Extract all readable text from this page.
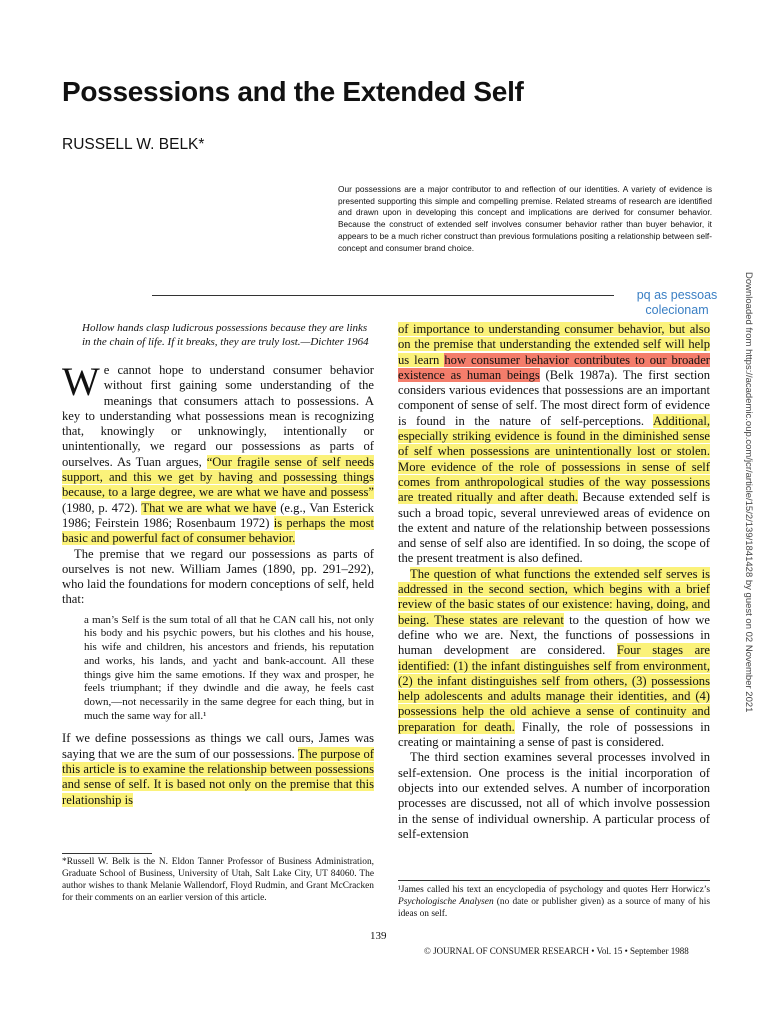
Possessions and the Extended Self

RUSSELL W. BELK*

Our possessions are a major contributor to and reflection of our identities. A variety of evidence is presented supporting this simple and compelling premise. Related streams of research are identified and drawn upon in developing this concept and implications are derived for consumer behavior. Because the construct of extended self involves consumer behavior rather than buyer behavior, it appears to be a much richer construct than previous formulations positing a relationship between self-concept and consumer brand choice.

pq as pessoas colecionam	Downloaded from https://academic.oup.com/jcr/article/15/2/139/1841428 by guest on 02 November 2021

Hollow hands clasp ludicrous possessions because they are links in the chain of life. If it breaks, they are truly lost.—Dichter 1964

We cannot hope to understand consumer behavior without first gaining some understanding of the meanings that consumers attach to possessions. A key to understanding what possessions mean is recognizing that, knowingly or unknowingly, intentionally or unintentionally, we regard our possessions as parts of ourselves. As Tuan argues, “Our fragile sense of self needs support, and this we get by having and possessing things because, to a large degree, we are what we have and possess” (1980, p. 472). That we are what we have (e.g., Van Esterick 1986; Feirstein 1986; Rosenbaum 1972) is perhaps the most basic and powerful fact of consumer behavior.

The premise that we regard our possessions as parts of ourselves is not new. William James (1890, pp. 291–292), who laid the foundations for modern conceptions of self, held that:

a man’s Self is the sum total of all that he CAN call his, not only his body and his psychic powers, but his clothes and his house, his wife and children, his ancestors and friends, his reputation and works, his lands, and yacht and bank-account. All these things give him the same emotions. If they wax and prosper, he feels triumphant; if they dwindle and die away, he feels cast down,—not necessarily in the same degree for each thing, but in much the same way for all.¹

If we define possessions as things we call ours, James was saying that we are the sum of our possessions. The purpose of this article is to examine the relationship between possessions and sense of self. It is based not only on the premise that this relationship is

of importance to understanding consumer behavior, but also on the premise that understanding the extended self will help us learn how consumer behavior contributes to our broader existence as human beings (Belk 1987a). The first section considers various evidences that possessions are an important component of sense of self. The most direct form of evidence is found in the nature of self-perceptions. Additional, especially striking evidence is found in the diminished sense of self when possessions are unintentionally lost or stolen. More evidence of the role of possessions in sense of self comes from anthropological studies of the way possessions are treated ritually and after death. Because extended self is such a broad topic, several unreviewed areas of evidence on the extent and nature of the relationship between possessions and sense of self also are identified. In so doing, the scope of the present treatment is also defined.

The question of what functions the extended self serves is addressed in the second section, which begins with a brief review of the basic states of our existence: having, doing, and being. These states are relevant to the question of how we define who we are. Next, the functions of possessions in human development are considered. Four stages are identified: (1) the infant distinguishes self from environment, (2) the infant distinguishes self from others, (3) possessions help adolescents and adults manage their identities, and (4) possessions help the old achieve a sense of continuity and preparation for death. Finally, the role of possessions in creating or maintaining a sense of past is considered.

The third section examines several processes involved in self-extension. One process is the initial incorporation of objects into our extended selves. A number of incorporation processes are discussed, not all of which involve possession in the sense of individual ownership. A particular process of self-extension

*Russell W. Belk is the N. Eldon Tanner Professor of Business Administration, Graduate School of Business, University of Utah, Salt Lake City, UT 84060. The author wishes to thank Melanie Wallendorf, Floyd Rudmin, and Grant McCracken for their comments on an earlier version of this article.

¹James called his text an encyclopedia of psychology and quotes Herr Horwicz’s Psychologische Analysen (no date or publisher given) as a source of many of his ideas on self.

139

© JOURNAL OF CONSUMER RESEARCH • Vol. 15 • September 1988
